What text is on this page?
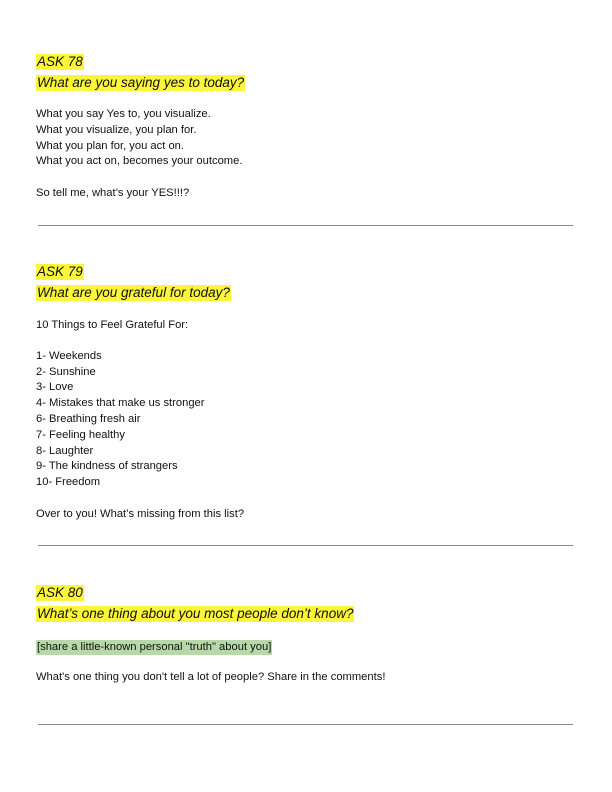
ASK 78
What are you saying yes to today?

What you say Yes to, you visualize.

What you visualize, you plan for.

What you plan for, you act on.

What you act on, becomes your outcome.

So tell me, what’s your YES!!!?

ASK 79
What are you grateful for today?

10 Things to Feel Grateful For:

1- Weekends

2- Sunshine

3- Love

4- Mistakes that make us stronger

6- Breathing fresh air

7- Feeling healthy

8- Laughter

9- The kindness of strangers

10- Freedom

Over to you! What’s missing from this list?

ASK 80
What’s one thing about you most people don’t know?
[share a little-known personal "truth" about you]

What's one thing you don't tell a lot of people? Share in the comments!
